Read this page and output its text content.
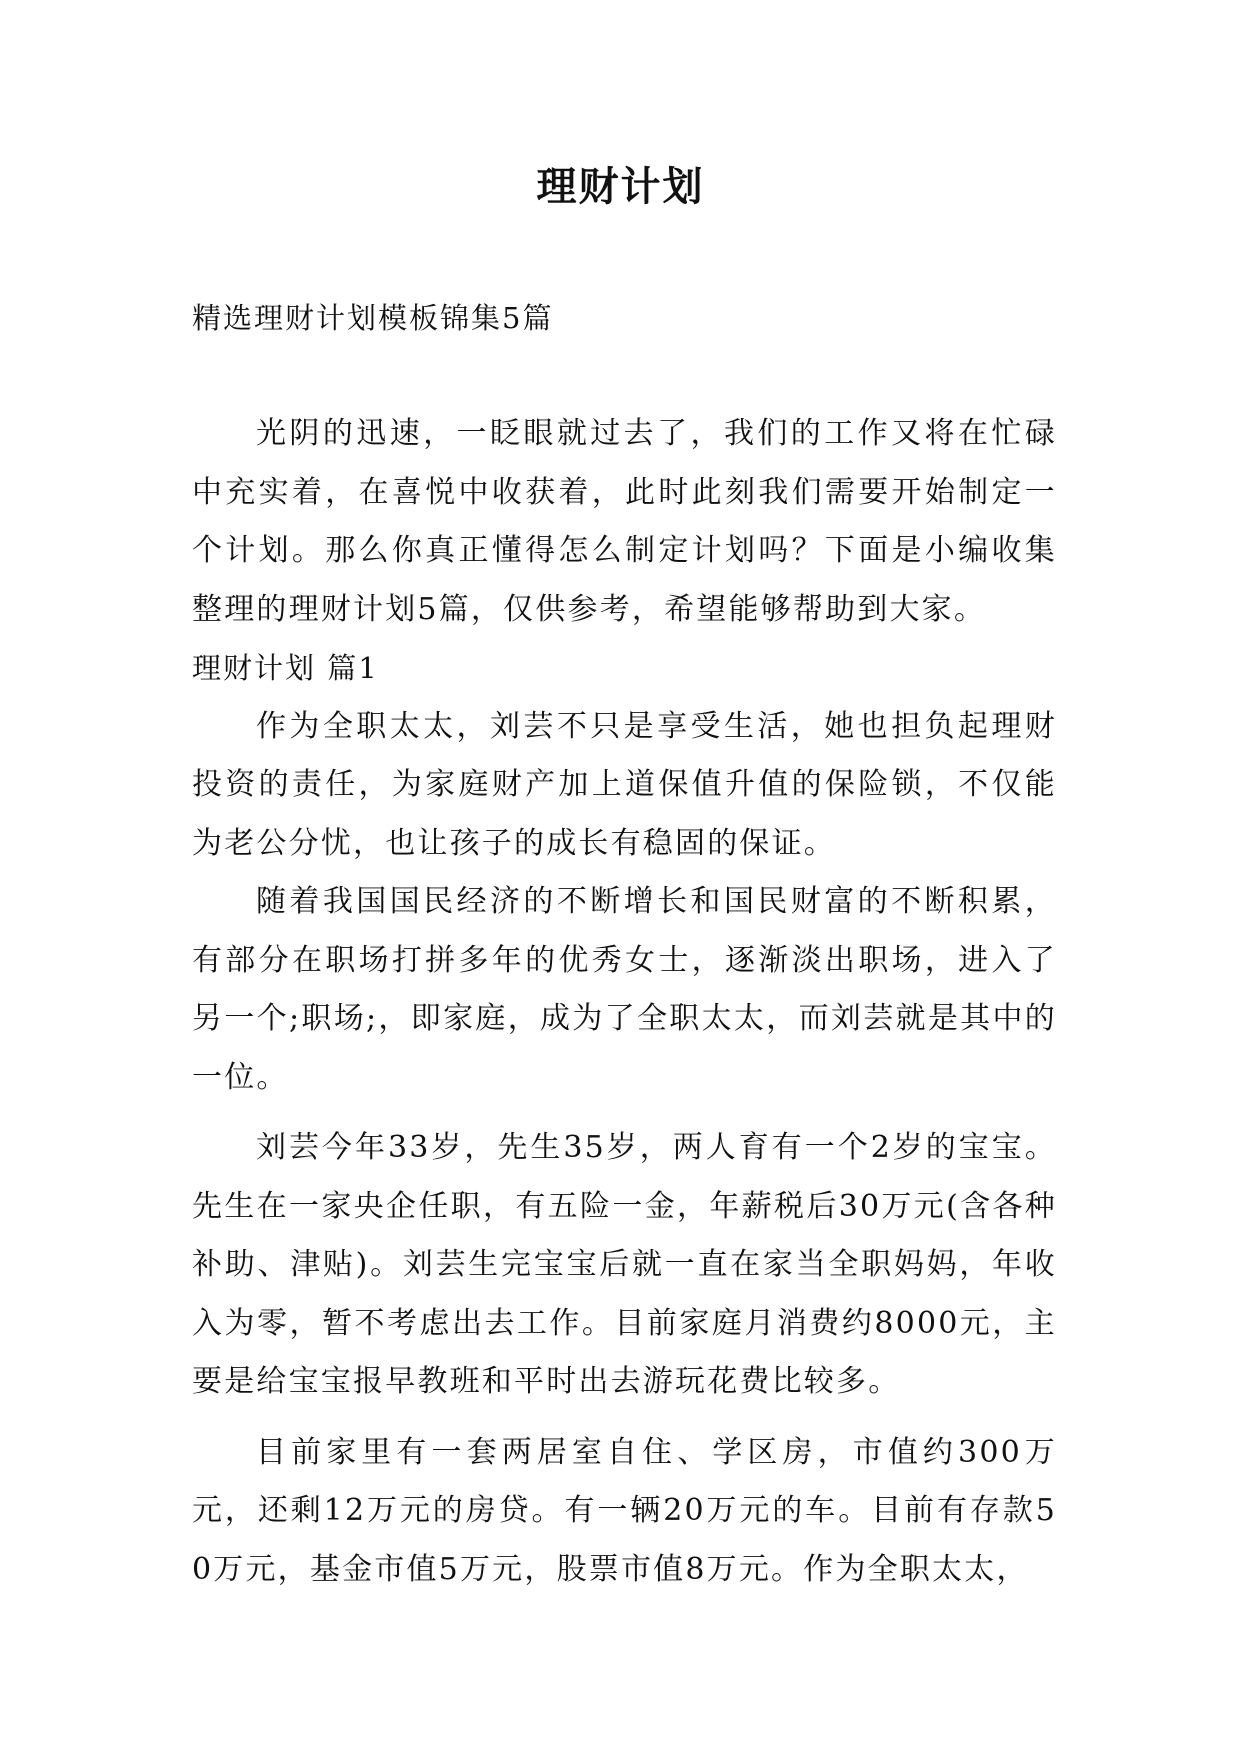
理财计划

精选理财计划模板锦集5篇

光阴的迅速，一眨眼就过去了，我们的工作又将在忙碌中充实着，在喜悦中收获着，此时此刻我们需要开始制定一个计划。那么你真正懂得怎么制定计划吗？下面是小编收集整理的理财计划5篇，仅供参考，希望能够帮助到大家。

理财计划 篇1

作为全职太太，刘芸不只是享受生活，她也担负起理财投资的责任，为家庭财产加上道保值升值的保险锁，不仅能为老公分忧，也让孩子的成长有稳固的保证。

随着我国国民经济的不断增长和国民财富的不断积累，有部分在职场打拼多年的优秀女士，逐渐淡出职场，进入了另一个;职场;，即家庭，成为了全职太太，而刘芸就是其中的一位。

刘芸今年33岁，先生35岁，两人育有一个2岁的宝宝。先生在一家央企任职，有五险一金，年薪税后30万元(含各种补助、津贴)。刘芸生完宝宝后就一直在家当全职妈妈，年收入为零，暂不考虑出去工作。目前家庭月消费约8000元，主要是给宝宝报早教班和平时出去游玩花费比较多。

目前家里有一套两居室自住、学区房，市值约300万元，还剩12万元的房贷。有一辆20万元的车。目前有存款50万元，基金市值5万元，股票市值8万元。作为全职太太，
